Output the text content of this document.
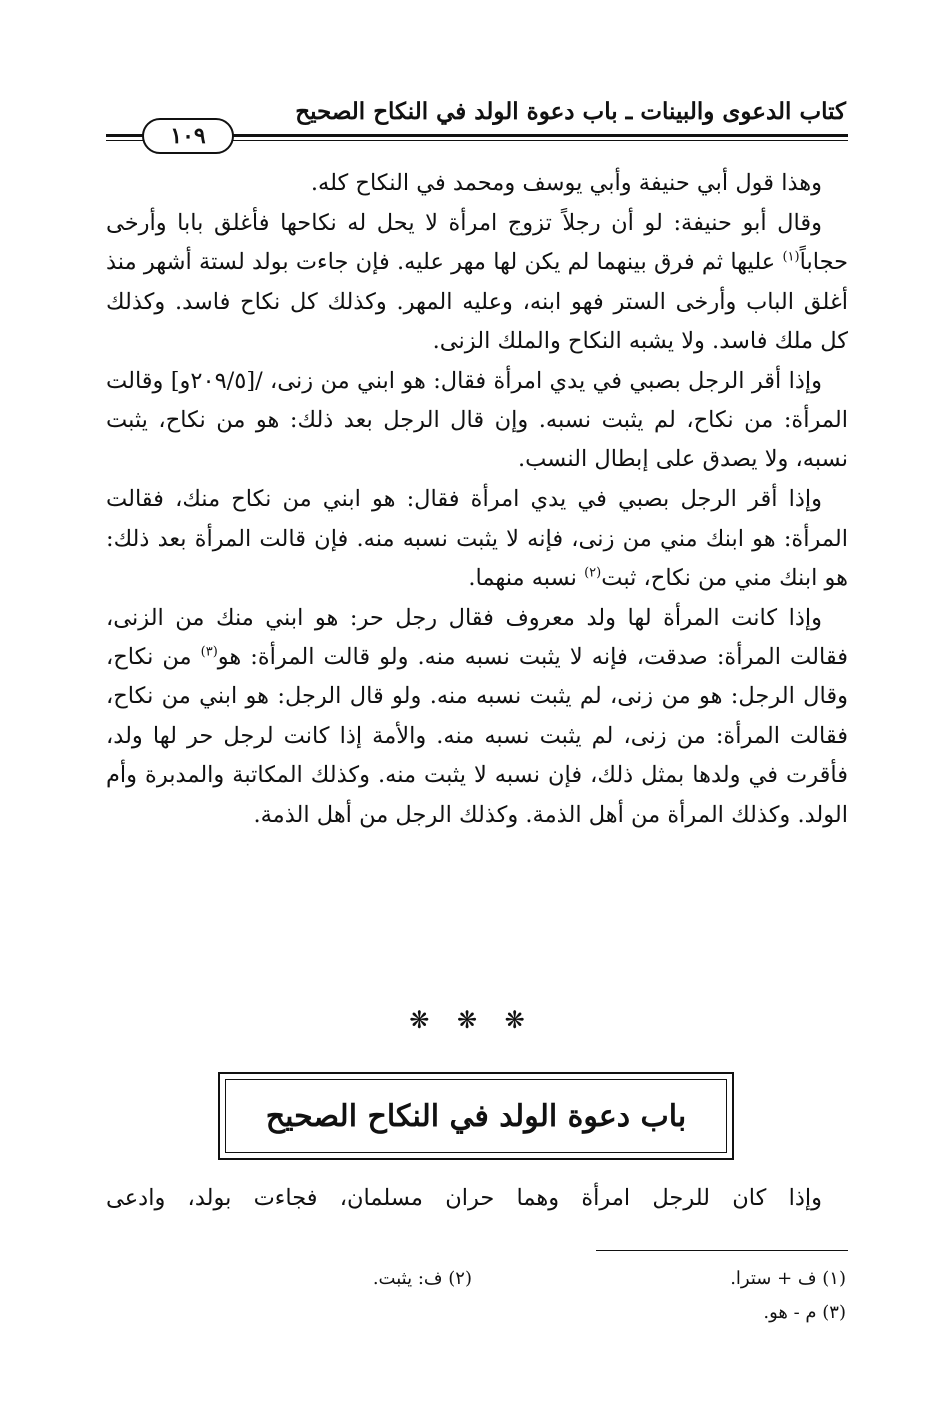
كتاب الدعوى والبينات ـ باب دعوة الولد في النكاح الصحيح
١٠٩

وهذا قول أبي حنيفة وأبي يوسف ومحمد في النكاح كله.

وقال أبو حنيفة: لو أن رجلاً تزوج امرأة لا يحل له نكاحها فأغلق بابا وأرخى حجاباً$^{(١)}$ عليها ثم فرق بينهما لم يكن لها مهر عليه. فإن جاءت بولد لستة أشهر منذ أغلق الباب وأرخى الستر فهو ابنه، وعليه المهر. وكذلك كل نكاح فاسد. وكذلك كل ملك فاسد. ولا يشبه النكاح والملك الزنى.

وإذا أقر الرجل بصبي في يدي امرأة فقال: هو ابني من زنى، /[٢٠٩/٥و] وقالت المرأة: من نكاح، لم يثبت نسبه. وإن قال الرجل بعد ذلك: هو من نكاح، يثبت نسبه، ولا يصدق على إبطال النسب.

وإذا أقر الرجل بصبي في يدي امرأة فقال: هو ابني من نكاح منك، فقالت المرأة: هو ابنك مني من زنى، فإنه لا يثبت نسبه منه. فإن قالت المرأة بعد ذلك: هو ابنك مني من نكاح، ثبت$^{(٢)}$ نسبه منهما.

وإذا كانت المرأة لها ولد معروف فقال رجل حر: هو ابني منك من الزنى، فقالت المرأة: صدقت، فإنه لا يثبت نسبه منه. ولو قالت المرأة: هو$^{(٣)}$ من نكاح، وقال الرجل: هو من زنى، لم يثبت نسبه منه. ولو قال الرجل: هو ابني من نكاح، فقالت المرأة: من زنى، لم يثبت نسبه منه. والأمة إذا كانت لرجل حر لها ولد، فأقرت في ولدها بمثل ذلك، فإن نسبه لا يثبت منه. وكذلك المكاتبة والمدبرة وأم الولد. وكذلك المرأة من أهل الذمة. وكذلك الرجل من أهل الذمة.

❋ ❋ ❋
باب دعوة الولد في النكاح الصحيح
وإذا كان للرجل امرأة وهما حران مسلمان، فجاءت بولد، وادعى
(١) ف + سترا.
(٢) ف: يثبت.
(٣) م - هو.
